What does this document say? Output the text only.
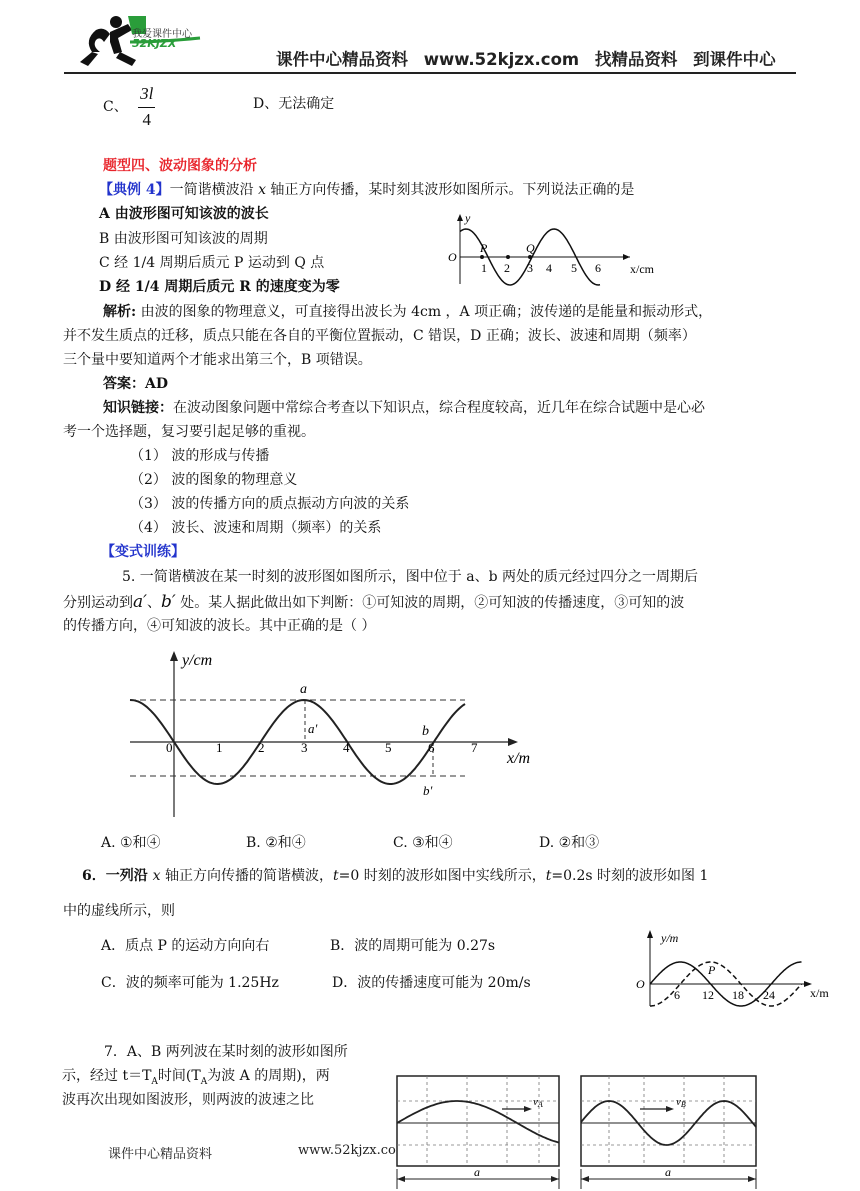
我爱课件中心
52KJZX
课件中心精品资料 www.52kjzx.com 找精品资料 到课件中心
C、 $\frac{3l}{4}$	D、无法确定
题型四、波动图象的分析
【典例 4】一简谐横波沿 x 轴正方向传播，某时刻其波形如图所示。下列说法正确的是
A 由波形图可知该波的波长
B 由波形图可知该波的周期
C 经 1/4 周期后质元 P 运动到 Q 点
D 经 1/4 周期后质元 R 的速度变为零
y
O
P	Q
x/cm
1 2 3 4 5 6
解析: 由波的图象的物理意义，可直接得出波长为 4cm ，A 项正确；波传递的是能量和振动形式，
并不发生质点的迁移，质点只能在各自的平衡位置振动，C 错误，D 正确；波长、波速和周期（频率）
三个量中要知道两个才能求出第三个，B 项错误。
答案：AD
知识链接：在波动图象问题中常综合考查以下知识点，综合程度较高，近几年在综合试题中是心必
考一个选择题，复习要引起足够的重视。
（1） 波的形成与传播
（2） 波的图象的物理意义
（3） 波的传播方向的质点振动方向波的关系
（4） 波长、波速和周期（频率）的关系
【变式训练】
5. 一简谐横波在某一时刻的波形图如图所示，图中位于 a、b 两处的质元经过四分之一周期后
分别运动到a′、b′ 处。某人据此做出如下判断：①可知波的周期，②可知波的传播速度，③可知的波
的传播方向，④可知波的波长。其中正确的是（ ）
y/cm
x/m
a
a'	b
b'
0	1	2	3	4	5	6	7
A. ①和④	B. ②和④	C. ③和④	D. ②和③
6．一列沿 x 轴正方向传播的简谐横波，t=0 时刻的波形如图中实线所示，t=0.2s 时刻的波形如图 1
中的虚线所示，则
A．质点 P 的运动方向向右	B．波的周期可能为 0.27s
C．波的频率可能为 1.25Hz	D．波的传播速度可能为 20m/s
y/m
O
P
x/m
6 12 18 24
7．A、B 两列波在某时刻的波形如图所
示，经过 $t=T_A$时间($T_A$为波 A 的周期)，两
波再次出现如图波形，则两波的波速之比	vA	vB
a	a
课件中心精品资料	www.52kjzx.co
